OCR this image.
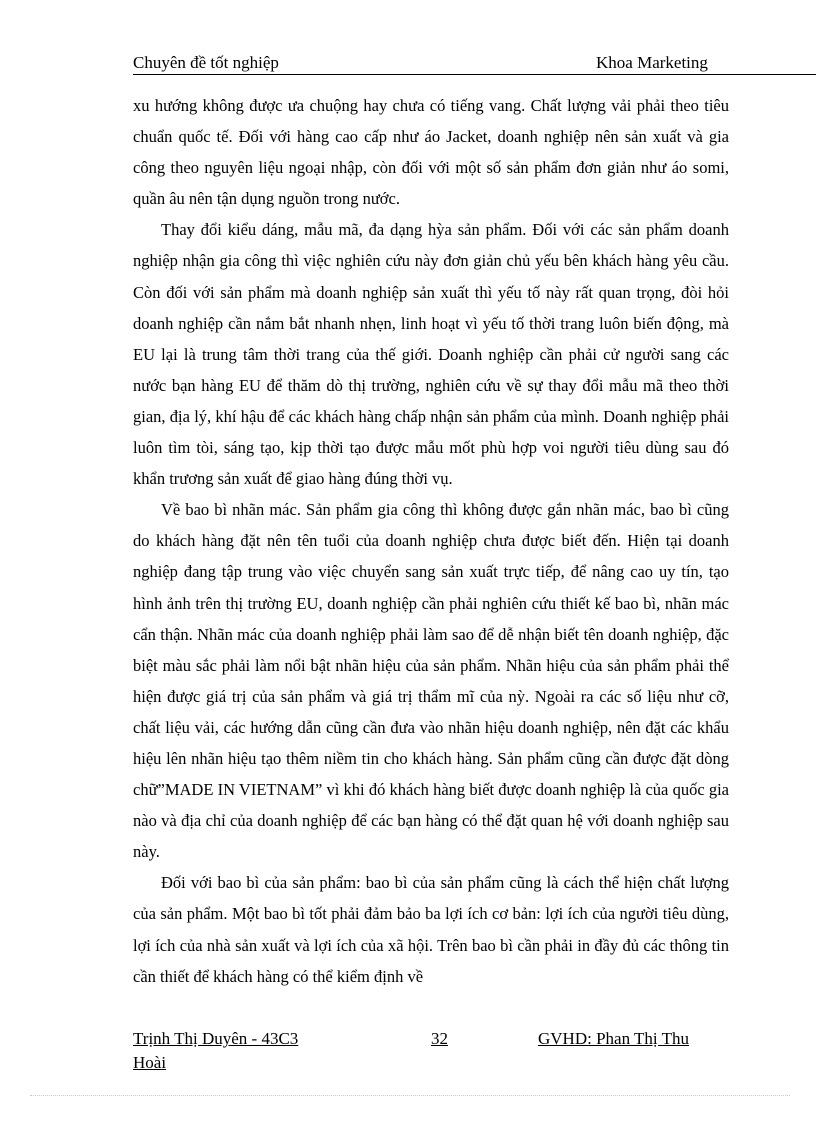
Chuyên đề tốt nghiệp	Khoa Marketing

xu hướng không được ưa chuộng hay chưa có tiếng vang. Chất lượng vải phải theo tiêu chuẩn quốc tế. Đối với hàng cao cấp như áo Jacket, doanh nghiệp nên sản xuất và gia công theo nguyên liệu ngoại nhập, còn đối với một số sản phẩm đơn giản như áo somi, quần âu nên tận dụng nguồn trong nước.

Thay đổi kiểu dáng, mẫu mã, đa dạng hỳa sản phẩm. Đối với các sản phẩm doanh nghiệp nhận gia công thì việc nghiên cứu này đơn giản chủ yếu bên khách hàng yêu cầu. Còn đối với sản phẩm mà doanh nghiệp sản xuất thì yếu tố này rất quan trọng, đòi hỏi doanh nghiệp cần nắm bắt nhanh nhẹn, linh hoạt vì yếu tố thời trang luôn biến động, mà EU lại là trung tâm thời trang của thế giới. Doanh nghiệp cần phải cử người sang các nước bạn hàng EU để thăm dò thị trường, nghiên cứu về sự thay đổi mẫu mã theo thời gian, địa lý, khí hậu để các khách hàng chấp nhận sản phẩm của mình. Doanh nghiệp phải luôn tìm tòi, sáng tạo, kịp thời tạo được mẫu mốt phù hợp voi người tiêu dùng sau đó khẩn trương sản xuất để giao hàng đúng thời vụ.

Về bao bì nhãn mác. Sản phẩm gia công thì không được gắn nhãn mác, bao bì cũng do khách hàng đặt nên tên tuổi của doanh nghiệp chưa được biết đến. Hiện tại doanh nghiệp đang tập trung vào việc chuyển sang sản xuất trực tiếp, để nâng cao uy tín, tạo hình ảnh trên thị trường EU, doanh nghiệp cần phải nghiên cứu thiết kế bao bì, nhãn mác cẩn thận. Nhãn mác của doanh nghiệp phải làm sao để dễ nhận biết tên doanh nghiệp, đặc biệt màu sắc phải làm nổi bật nhãn hiệu của sản phẩm. Nhãn hiệu của sản phẩm phải thể hiện được giá trị của sản phẩm và giá trị thẩm mĩ của nỳ. Ngoài ra các số liệu như cỡ, chất liệu vải, các hướng dẫn cũng cần đưa vào nhãn hiệu doanh nghiệp, nên đặt các khẩu hiệu lên nhãn hiệu tạo thêm niềm tin cho khách hàng. Sản phẩm cũng cần được đặt dòng chữ”MADE IN VIETNAM” vì khi đó khách hàng biết được doanh nghiệp là của quốc gia nào và địa chỉ của doanh nghiệp để các bạn hàng có thể đặt quan hệ với doanh nghiệp sau này.

Đối với bao bì của sản phẩm: bao bì của sản phẩm cũng là cách thể hiện chất lượng của sản phẩm. Một bao bì tốt phải đảm bảo ba lợi ích cơ bản: lợi ích của người tiêu dùng, lợi ích của nhà sản xuất và lợi ích của xã hội. Trên bao bì cần phải in đầy đủ các thông tin cần thiết để khách hàng có thể kiểm định về

Trịnh Thị Duyên - 43C3	32	GVHD: Phan Thị Thu
Hoài
